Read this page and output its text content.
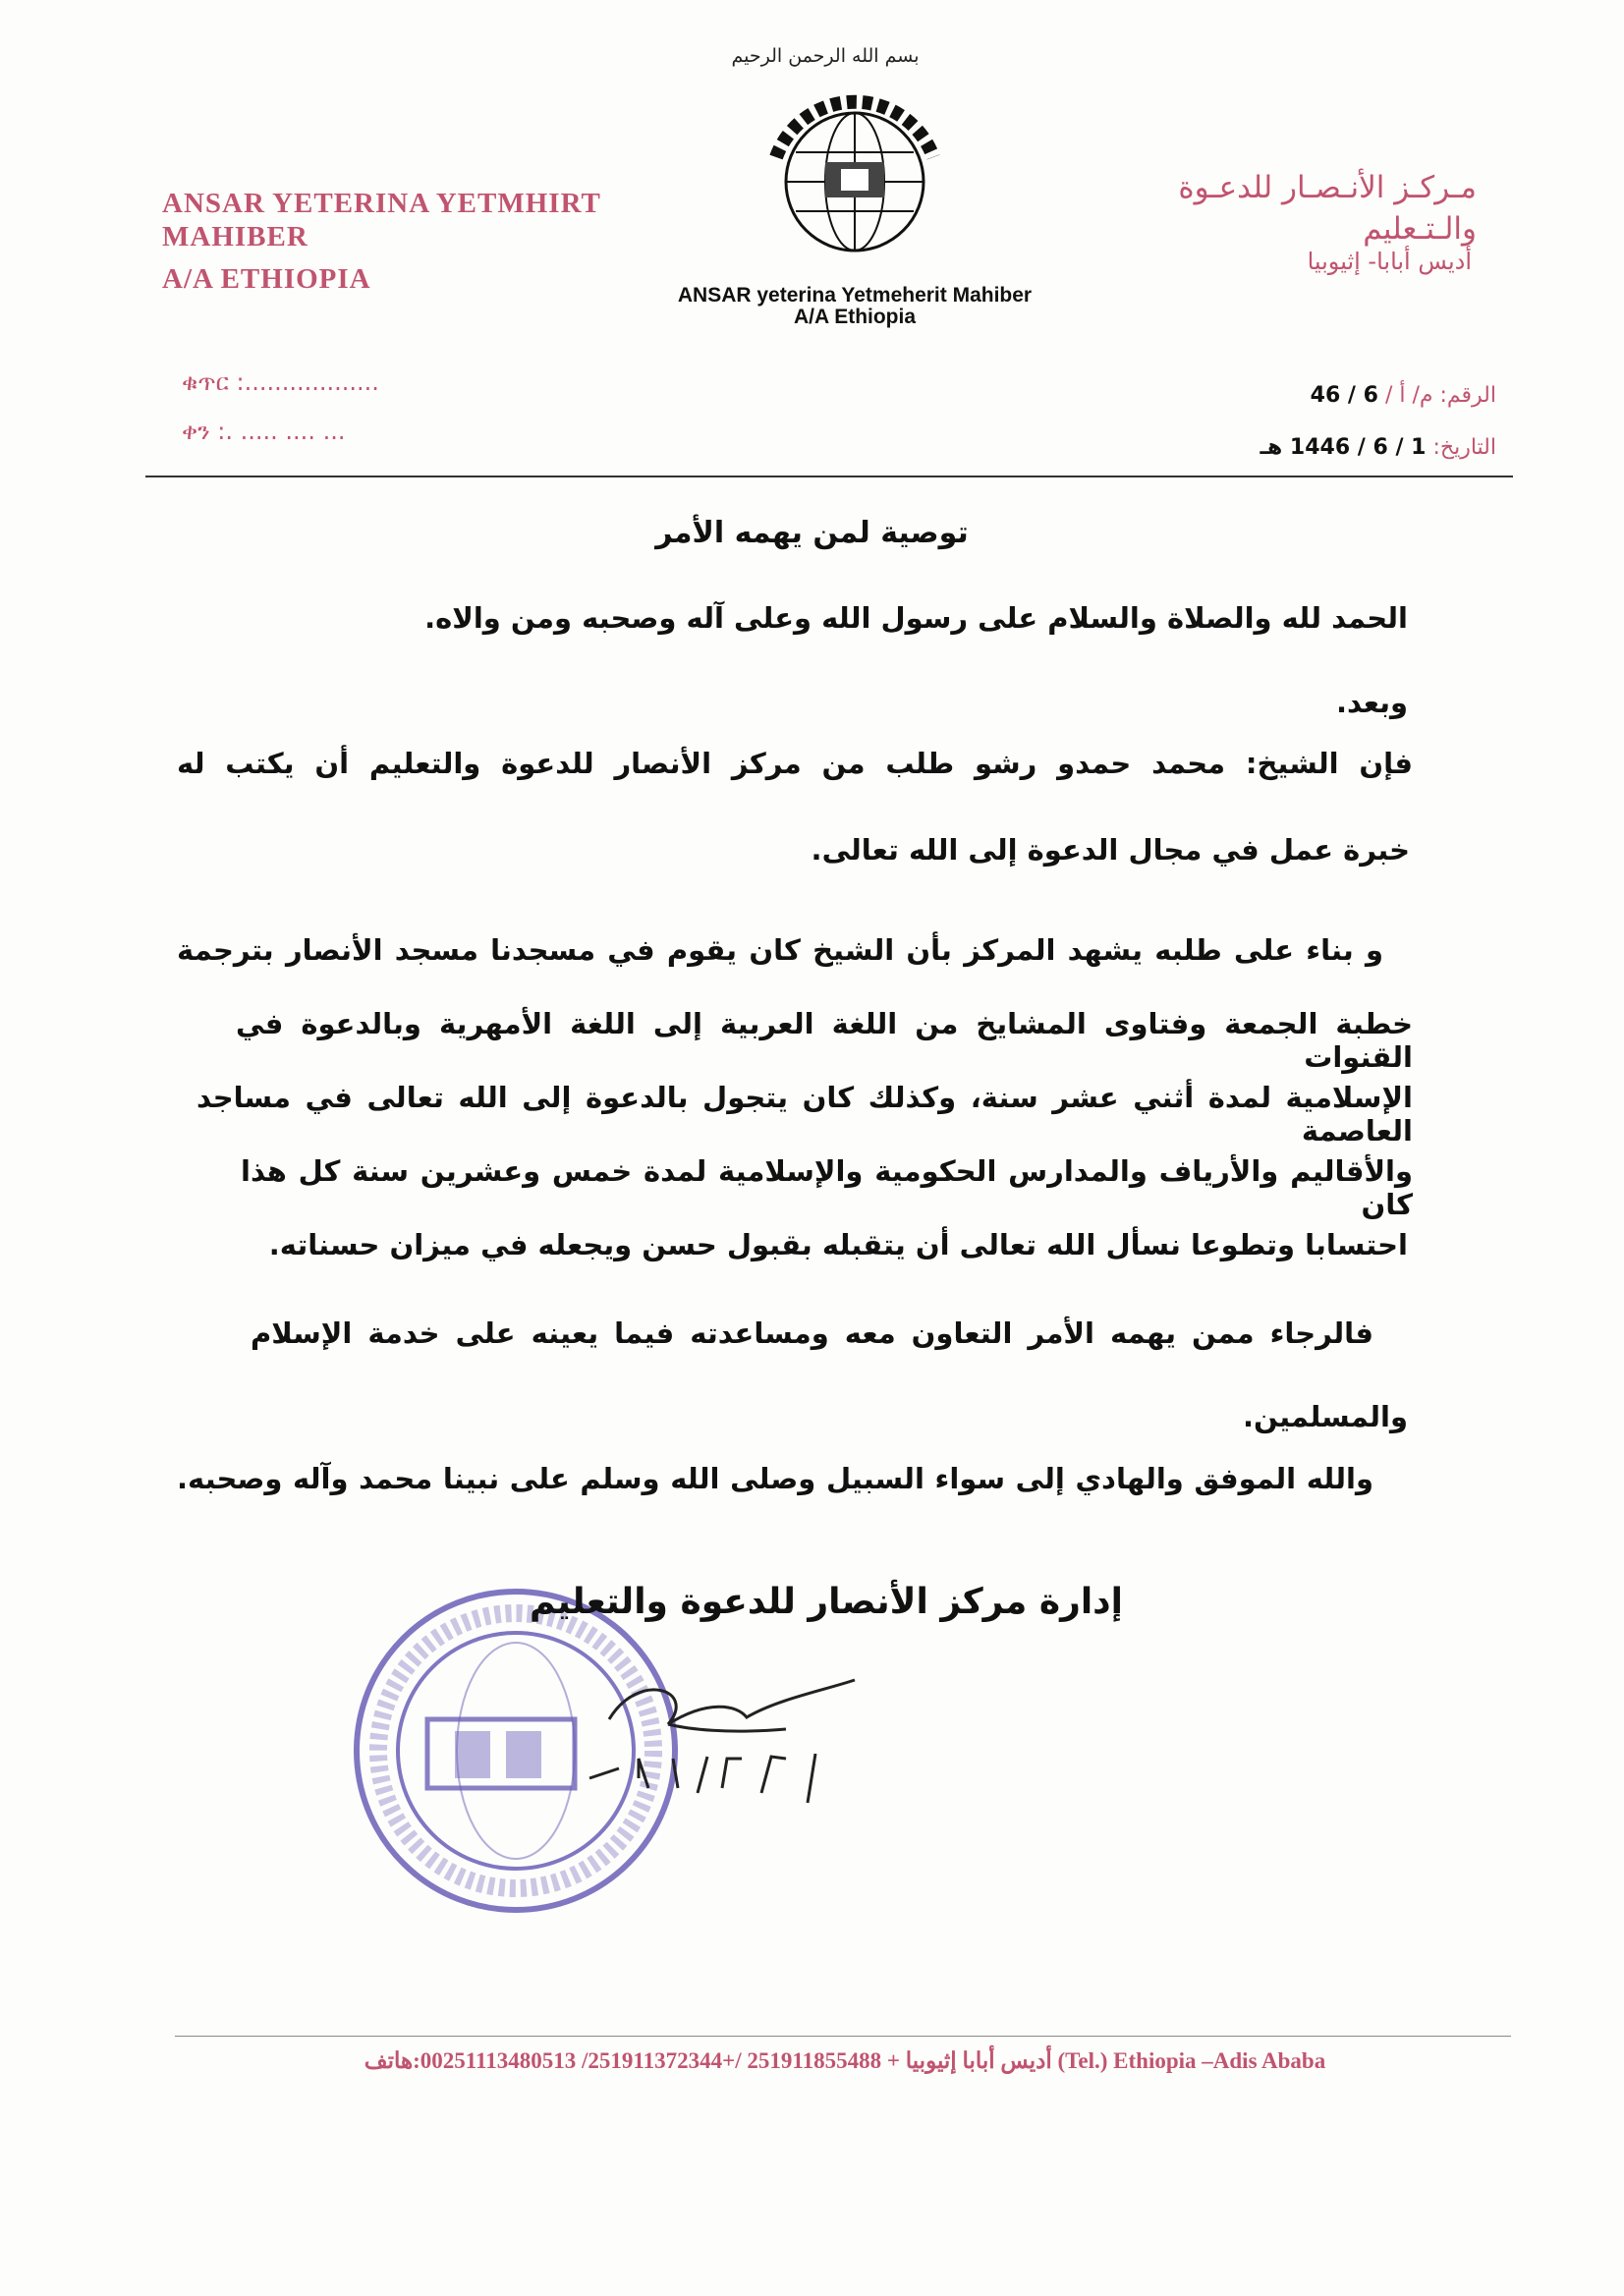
بسم الله الرحمن الرحيم
ANSAR YETERINA YETMHIRT MAHIBER
A/A ETHIOPIA
مـركـز الأنـصـار للدعـوة والـتـعليم
أديس أبابا- إثيوبيا
ANSAR yeterina Yetmeherit Mahiber
A/A Ethiopia
ቁጥር :..................
ቀን :. ..... .... ...
الرقم: م/ أ / 6 / 46
التاريخ: 1 / 6 / 1446 هـ
توصية لمن يهمه الأمر
الحمد لله والصلاة والسلام على رسول الله وعلى آله وصحبه ومن والاه.
وبعد.
فإن الشيخ: محمد حمدو رشو طلب من مركز الأنصار للدعوة والتعليم أن يكتب له
خبرة عمل في مجال الدعوة إلى الله تعالى.
و بناء على طلبه يشهد المركز بأن الشيخ كان يقوم في مسجدنا مسجد الأنصار بترجمة
خطبة الجمعة وفتاوى المشايخ من اللغة العربية إلى اللغة الأمهرية وبالدعوة في القنوات
الإسلامية لمدة أثني عشر سنة، وكذلك كان يتجول بالدعوة إلى الله تعالى في مساجد العاصمة
والأقاليم والأرياف والمدارس الحكومية والإسلامية لمدة خمس وعشرين سنة كل هذا كان
احتسابا وتطوعا نسأل الله تعالى أن يتقبله بقبول حسن ويجعله في ميزان حسناته.
فالرجاء ممن يهمه الأمر التعاون معه ومساعدته فيما يعينه على خدمة الإسلام
والمسلمين.
والله الموفق والهادي إلى سواء السبيل وصلى الله وسلم على نبينا محمد وآله وصحبه.
إدارة مركز الأنصار للدعوة والتعليم
أديس أبابا إثيوبيا + 251911855488 /+251911372344/ 00251113480513:هاتف (Tel.) Ethiopia –Adis Ababa
